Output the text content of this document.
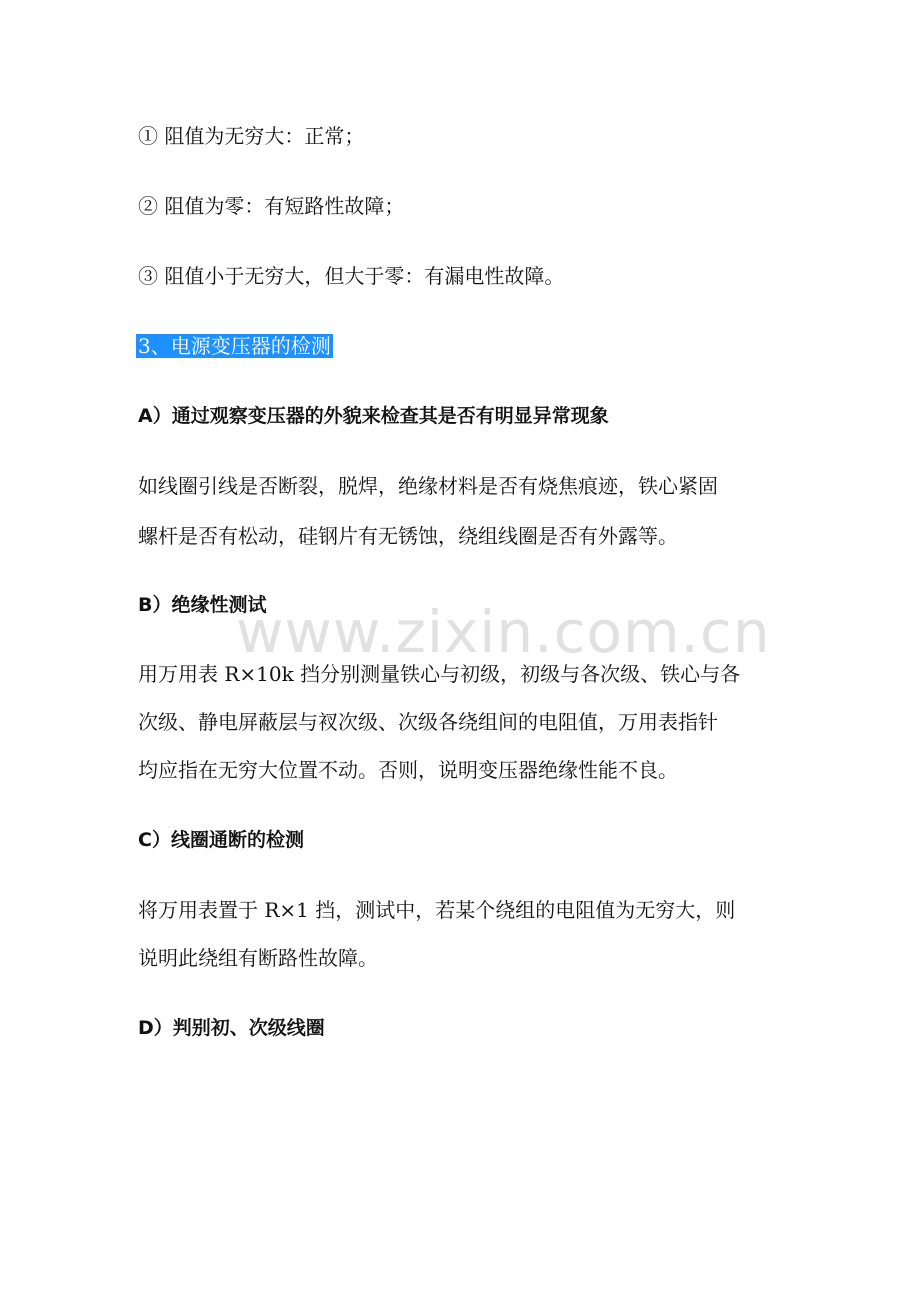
① 阻值为无穷大：正常；

② 阻值为零：有短路性故障；

③ 阻值小于无穷大，但大于零：有漏电性故障。

3、电源变压器的检测

A）通过观察变压器的外貌来检查其是否有明显异常现象

如线圈引线是否断裂，脱焊，绝缘材料是否有烧焦痕迹，铁心紧固

螺杆是否有松动，硅钢片有无锈蚀，绕组线圈是否有外露等。

B）绝缘性测试

用万用表 R×10k 挡分别测量铁心与初级，初级与各次级、铁心与各

次级、静电屏蔽层与衩次级、次级各绕组间的电阻值，万用表指针

均应指在无穷大位置不动。否则，说明变压器绝缘性能不良。

C）线圈通断的检测

将万用表置于 R×1 挡，测试中，若某个绕组的电阻值为无穷大，则

说明此绕组有断路性故障。

D）判别初、次级线圈

www.zixin.com.cn
